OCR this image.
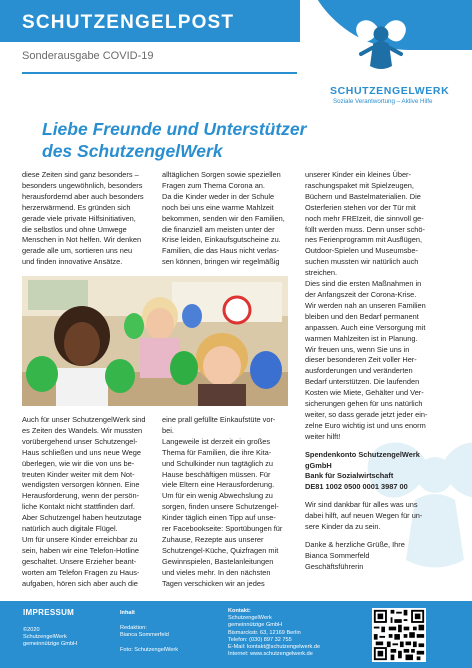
SCHUTZENGELPOST
Sonderausgabe COVID-19
SCHUTZENGELWERK
Soziale Verantwortung – Aktive Hilfe
Liebe Freunde und Unterstützer
des SchutzengelWerk
diese Zeiten sind ganz besonders –
besonders ungewöhnlich, besonders
herausfordernd aber auch besonders
herzerwärmend. Es gründen sich
gerade viele private Hilfsinitiativen,
die selbstlos und ohne Umwege
Menschen in Not helfen. Wir denken
gerade alle um, sortieren uns neu
und finden innovative Ansätze.
alltäglichen Sorgen sowie speziellen
Fragen zum Thema Corona an.
Da die Kinder weder in der Schule
noch bei uns eine warme Mahlzeit
bekommen, senden wir den Familien,
die finanziell am meisten unter der
Krise leiden, Einkaufsgutscheine zu.
Familien, die das Haus nicht verlas-
sen können, bringen wir regelmäßig
Auch für unser SchutzengelWerk sind
es Zeiten des Wandels. Wir mussten
vorübergehend unser Schutzengel-
Haus schließen und uns neue Wege
überlegen, wie wir die von uns be-
treuten Kinder weiter mit dem Not-
wendigsten versorgen können. Eine
Herausforderung, wenn der persön-
liche Kontakt nicht stattfinden darf.
Aber Schutzengel haben heutzutage
natürlich auch digitale Flügel.
Um für unsere Kinder erreichbar zu
sein, haben wir eine Telefon-Hotline
geschaltet. Unsere Erzieher beant-
worten am Telefon Fragen zu Haus-
aufgaben, hören sich aber auch die
eine prall gefüllte Einkaufstüte vor-
bei.
Langeweile ist derzeit ein großes
Thema für Familien, die ihre Kita-
und Schulkinder nun tagtäglich zu
Hause beschäftigen müssen. Für
viele Eltern eine Herausforderung.
Um für ein wenig Abwechslung zu
sorgen, finden unsere Schutzengel-
Kinder täglich einen Tipp auf unse-
rer Facebookseite: Sportübungen für
Zuhause, Rezepte aus unserer
Schutzengel-Küche, Quizfragen mit
Gewinnspielen, Bastelanleitungen
und vieles mehr. In den nächsten
Tagen verschicken wir an jedes
unserer Kinder ein kleines Über-
raschungspaket mit Spielzeugen,
Büchern und Bastelmaterialien. Die
Osterferien stehen vor der Tür mit
noch mehr FREIzeit, die sinnvoll ge-
füllt werden muss. Denn unser schö-
nes Ferienprogramm mit Ausflügen,
Outdoor-Spielen und Museumsbe-
suchen mussten wir natürlich auch
streichen.
Dies sind die ersten Maßnahmen in
der Anfangszeit der Corona-Krise.
Wir werden nah an unseren Familien
bleiben und den Bedarf permanent
anpassen. Auch eine Versorgung mit
warmen Mahlzeiten ist in Planung.
Wir freuen uns, wenn Sie uns in
dieser besonderen Zeit voller Her-
ausforderungen und veränderten
Bedarf unterstützen. Die laufenden
Kosten wie Miete, Gehälter und Ver-
sicherungen gehen für uns natürlich
weiter, so dass gerade jetzt jeder ein-
zelne Euro wichtig ist und uns enorm
weiter hilft!

Spendenkonto SchutzengelWerk
gGmbH
Bank für Sozialwirtschaft
DE81 1002 0500 0001 3987 00

Wir sind dankbar für alles was uns
dabei hilft, auf neuen Wegen für un-
sere Kinder da zu sein.

Danke & herzliche Grüße, Ihre
Bianca Sommerfeld
Geschäftsführerin

IMPRESSUM
©2020
SchutzengelWerk
gemeinnützige GmbH
Inhalt
Redaktion:
Bianca Sommerfeld
Foto: SchutzengelWerk
Kontakt:
SchutzengelWerk
gemeinnützige GmbH
Bismarckstr. 63, 12169 Berlin
Telefon: (030) 897 32 755
E-Mail: kontakt@schutzengelwerk.de
Internet: www.schutzengelwerk.de
